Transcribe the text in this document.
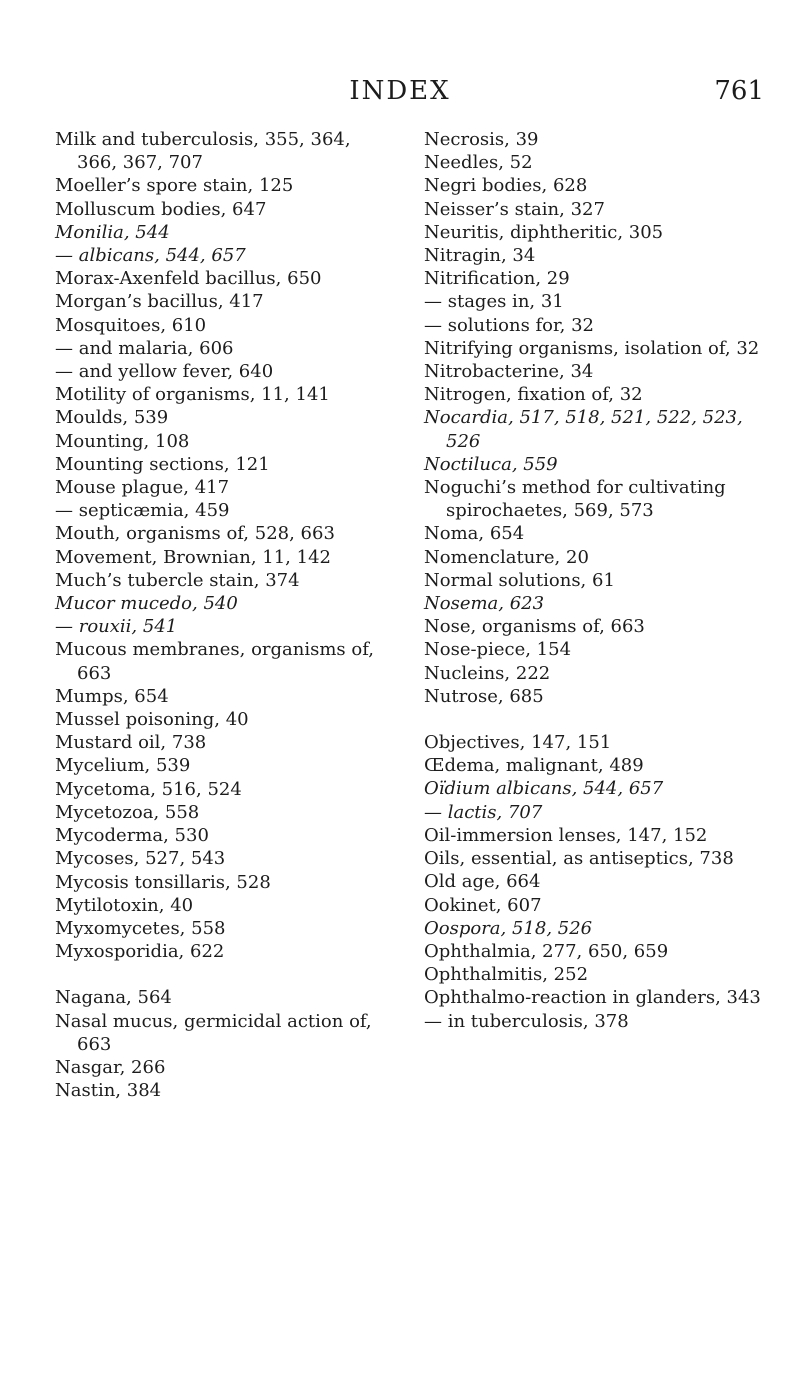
INDEX	761
Milk and tuberculosis, 355, 364, 366, 367, 707
Moeller’s spore stain, 125
Molluscum bodies, 647
Monilia, 544
— albicans, 544, 657
Morax-Axenfeld bacillus, 650
Morgan’s bacillus, 417
Mosquitoes, 610
— and malaria, 606
— and yellow fever, 640
Motility of organisms, 11, 141
Moulds, 539
Mounting, 108
Mounting sections, 121
Mouse plague, 417
— septicæmia, 459
Mouth, organisms of, 528, 663
Movement, Brownian, 11, 142
Much’s tubercle stain, 374
Mucor mucedo, 540
— rouxii, 541
Mucous membranes, organisms of, 663
Mumps, 654
Mussel poisoning, 40
Mustard oil, 738
Mycelium, 539
Mycetoma, 516, 524
Mycetozoa, 558
Mycoderma, 530
Mycoses, 527, 543
Mycosis tonsillaris, 528
Mytilotoxin, 40
Myxomycetes, 558
Myxosporidia, 622
Nagana, 564
Nasal mucus, germicidal action of, 663
Nasgar, 266
Nastin, 384
Necrosis, 39
Needles, 52
Negri bodies, 628
Neisser’s stain, 327
Neuritis, diphtheritic, 305
Nitragin, 34
Nitrification, 29
— stages in, 31
— solutions for, 32
Nitrifying organisms, isolation of, 32
Nitrobacterine, 34
Nitrogen, fixation of, 32
Nocardia, 517, 518, 521, 522, 523, 526
Noctiluca, 559
Noguchi’s method for cultivating spirochaetes, 569, 573
Noma, 654
Nomenclature, 20
Normal solutions, 61
Nosema, 623
Nose, organisms of, 663
Nose-piece, 154
Nucleins, 222
Nutrose, 685
Objectives, 147, 151
Œdema, malignant, 489
Oïdium albicans, 544, 657
— lactis, 707
Oil-immersion lenses, 147, 152
Oils, essential, as antiseptics, 738
Old age, 664
Ookinet, 607
Oospora, 518, 526
Ophthalmia, 277, 650, 659
Ophthalmitis, 252
Ophthalmo-reaction in glanders, 343
— in tuberculosis, 378
